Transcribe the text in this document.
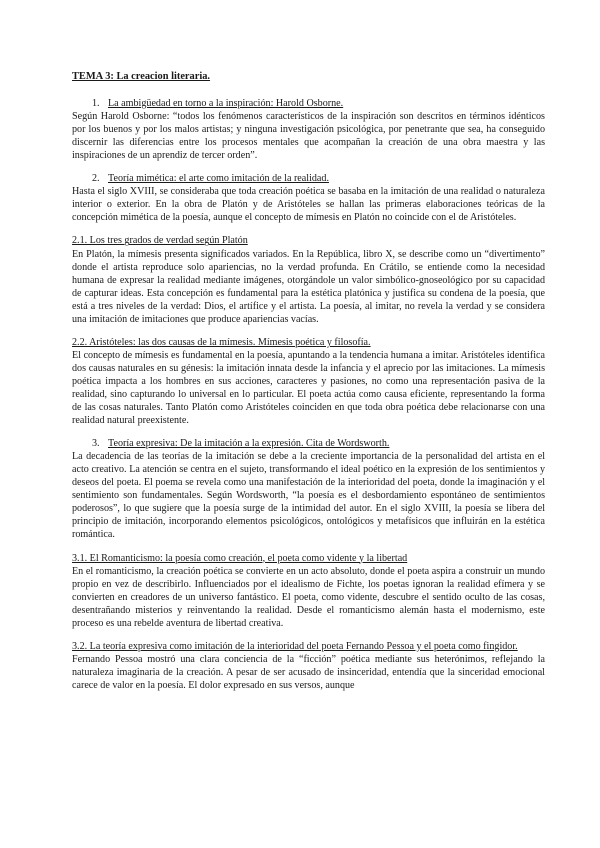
TEMA 3: La creacion literaria.

1. La ambigüedad en torno a la inspiración: Harold Osborne.

Según Harold Osborne: “todos los fenómenos característicos de la inspiración son descritos en términos idénticos por los buenos y por los malos artistas; y ninguna investigación psicológica, por penetrante que sea, ha conseguido discernir las diferencias entre los procesos mentales que acompañan la creación de una obra maestra y las inspiraciones de un aprendiz de tercer orden”.

2. Teoría mimética: el arte como imitación de la realidad.

Hasta el siglo XVIII, se consideraba que toda creación poética se basaba en la imitación de una realidad o naturaleza interior o exterior. En la obra de Platón y de Aristóteles se hallan las primeras elaboraciones teóricas de la concepción mimética de la poesía, aunque el concepto de mímesis en Platón no coincide con el de Aristóteles.

2.1. Los tres grados de verdad según Platón

En Platón, la mímesis presenta significados variados. En la República, libro X, se describe como un “divertimento” donde el artista reproduce solo apariencias, no la verdad profunda. En Crátilo, se entiende como la necesidad humana de expresar la realidad mediante imágenes, otorgándole un valor simbólico-gnoseológico por su capacidad de capturar ideas. Esta concepción es fundamental para la estética platónica y justifica su condena de la poesía, que está a tres niveles de la verdad: Dios, el artífice y el artista. La poesía, al imitar, no revela la verdad y se considera una imitación de imitaciones que produce apariencias vacías.

2.2. Aristóteles: las dos causas de la mímesis. Mímesis poética y filosofía.

El concepto de mímesis es fundamental en la poesía, apuntando a la tendencia humana a imitar. Aristóteles identifica dos causas naturales en su génesis: la imitación innata desde la infancia y el aprecio por las imitaciones. La mímesis poética impacta a los hombres en sus acciones, caracteres y pasiones, no como una representación pasiva de la realidad, sino capturando lo universal en lo particular. El poeta actúa como causa eficiente, representando la forma de las cosas naturales. Tanto Platón como Aristóteles coinciden en que toda obra poética debe relacionarse con una realidad natural preexistente.

3. Teoría expresiva: De la imitación a la expresión. Cita de Wordsworth.

La decadencia de las teorías de la imitación se debe a la creciente importancia de la personalidad del artista en el acto creativo. La atención se centra en el sujeto, transformando el ideal poético en la expresión de los sentimientos y deseos del poeta. El poema se revela como una manifestación de la interioridad del poeta, donde la imaginación y el sentimiento son fundamentales. Según Wordsworth, “la poesía es el desbordamiento espontáneo de sentimientos poderosos”, lo que sugiere que la poesía surge de la intimidad del autor. En el siglo XVIII, la poesía se libera del principio de imitación, incorporando elementos psicológicos, ontológicos y metafísicos que influirán en la estética romántica.

3.1. El Romanticismo: la poesía como creación, el poeta como vidente y la libertad

En el romanticismo, la creación poética se convierte en un acto absoluto, donde el poeta aspira a construir un mundo propio en vez de describirlo. Influenciados por el idealismo de Fichte, los poetas ignoran la realidad efímera y se convierten en creadores de un universo fantástico. El poeta, como vidente, descubre el sentido oculto de las cosas, desentrañando misterios y reinventando la realidad. Desde el romanticismo alemán hasta el modernismo, este proceso es una rebelde aventura de libertad creativa.

3.2. La teoría expresiva como imitación de la interioridad del poeta Fernando Pessoa y el poeta como fingidor.

Fernando Pessoa mostró una clara conciencia de la “ficción” poética mediante sus heterónimos, reflejando la naturaleza imaginaria de la creación. A pesar de ser acusado de insinceridad, entendía que la sinceridad emocional carece de valor en la poesía. El dolor expresado en sus versos, aunque
